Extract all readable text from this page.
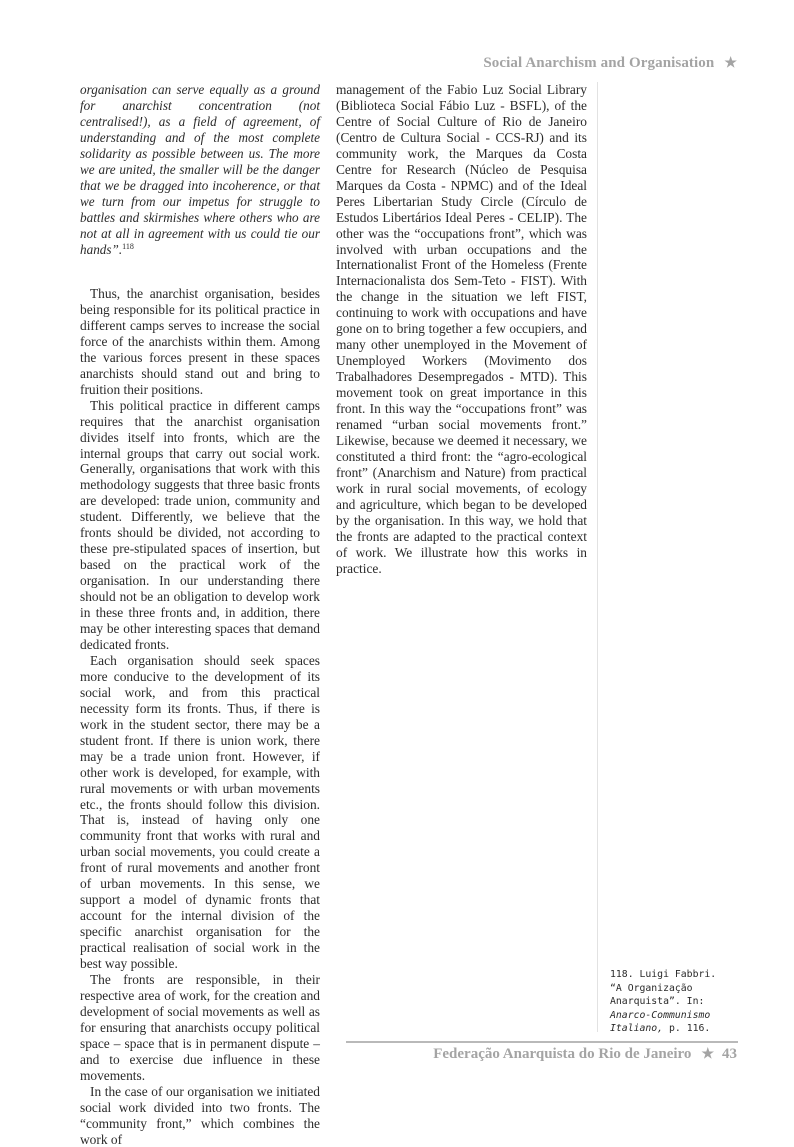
Social Anarchism and Organisation ★

organisation can serve equally as a ground for anarchist concentration (not centralised!), as a field of agreement, of understanding and of the most complete solidarity as possible between us. The more we are united, the smaller will be the danger that we be dragged into incoherence, or that we turn from our impetus for struggle to battles and skirmishes where others who are not at all in agreement with us could tie our hands”.$^{118}$

Thus, the anarchist organisation, besides being responsible for its political practice in different camps serves to increase the social force of the anarchists within them. Among the various forces present in these spaces anarchists should stand out and bring to fruition their positions.

This political practice in different camps requires that the anarchist organisation divides itself into fronts, which are the internal groups that carry out social work. Generally, organisations that work with this methodology suggests that three basic fronts are developed: trade union, community and student. Differently, we believe that the fronts should be divided, not according to these pre-stipulated spaces of insertion, but based on the practical work of the organisation. In our understanding there should not be an obligation to develop work in these three fronts and, in addition, there may be other interesting spaces that demand dedicated fronts.

Each organisation should seek spaces more conducive to the development of its social work, and from this practical necessity form its fronts. Thus, if there is work in the student sector, there may be a student front. If there is union work, there may be a trade union front. However, if other work is developed, for example, with rural movements or with urban movements etc., the fronts should follow this division. That is, instead of having only one community front that works with rural and urban social movements, you could create a front of rural movements and another front of urban movements. In this sense, we support a model of dynamic fronts that account for the internal division of the specific anarchist organisation for the practical realisation of social work in the best way possible.

The fronts are responsible, in their respective area of work, for the creation and development of social movements as well as for ensuring that anarchists occupy political space – space that is in permanent dispute – and to exercise due influence in these movements.

In the case of our organisation we initiated social work divided into two fronts. The “community front,” which combines the work of

management of the Fabio Luz Social Library (Biblioteca Social Fábio Luz - BSFL), of the Centre of Social Culture of Rio de Janeiro (Centro de Cultura Social - CCS-RJ) and its community work, the Marques da Costa Centre for Research (Núcleo de Pesquisa Marques da Costa - NPMC) and of the Ideal Peres Libertarian Study Circle (Círculo de Estudos Libertários Ideal Peres - CELIP). The other was the “occupations front”, which was involved with urban occupations and the Internationalist Front of the Homeless (Frente Internacionalista dos Sem-Teto - FIST). With the change in the situation we left FIST, continuing to work with occupations and have gone on to bring together a few occupiers, and many other unemployed in the Movement of Unemployed Workers (Movimento dos Trabalhadores Desempregados - MTD). This movement took on great importance in this front. In this way the “occupations front” was renamed “urban social movements front.” Likewise, because we deemed it necessary, we constituted a third front: the “agro-ecological front” (Anarchism and Nature) from practical work in rural social movements, of ecology and agriculture, which began to be developed by the organisation. In this way, we hold that the fronts are adapted to the practical context of work. We illustrate how this works in practice.

118. Luigi Fabbri.
“A Organização Anarquista”. In:
Anarco-Communismo Italiano, p. 116.
Federação Anarquista do Rio de Janeiro ★ 43
